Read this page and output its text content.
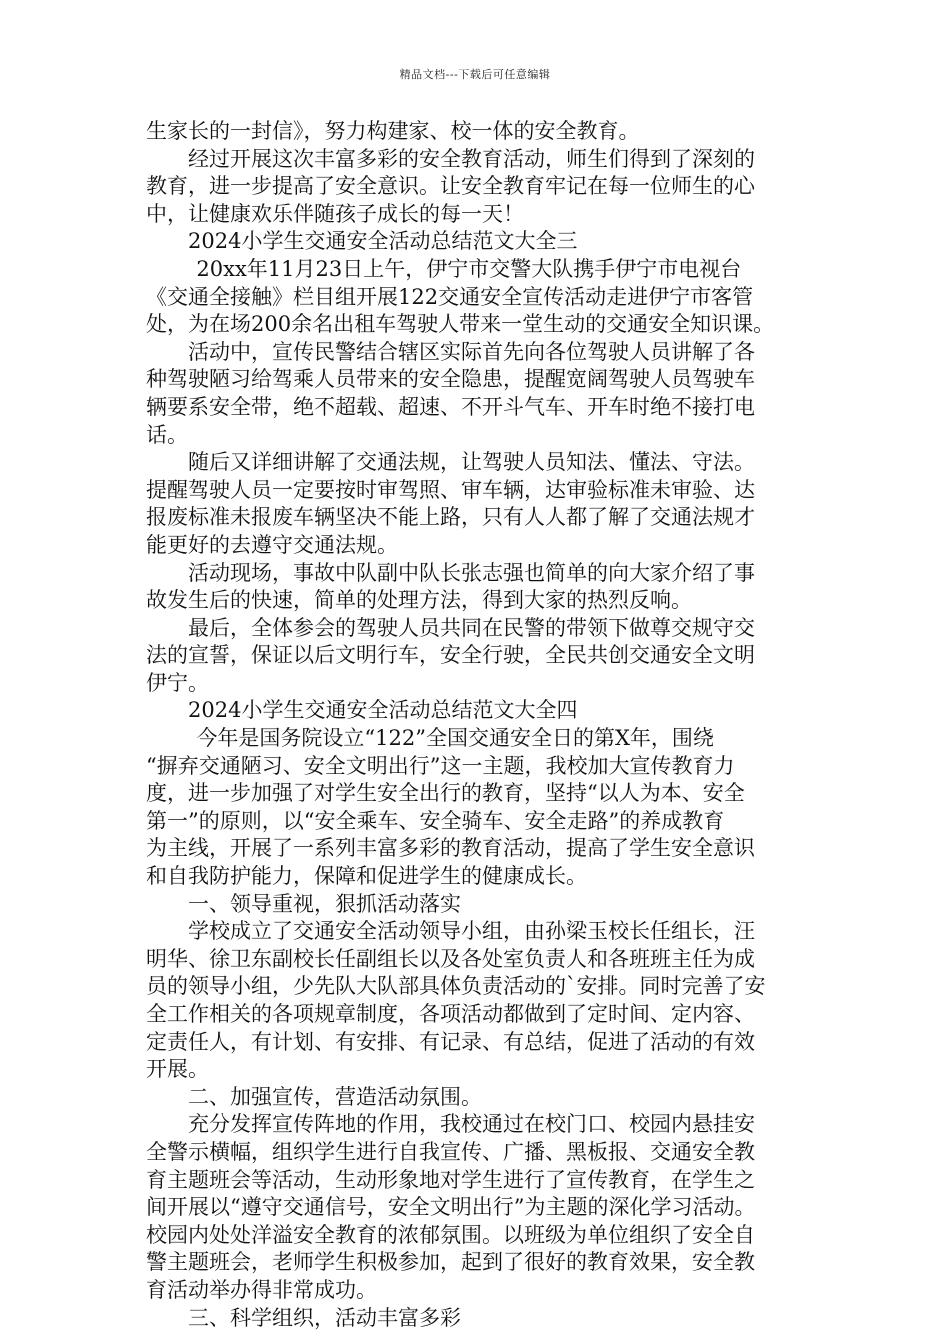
精品文档---下载后可任意编辑
生家长的一封信》，努力构建家、校一体的安全教育。
经过开展这次丰富多彩的安全教育活动，师生们得到了深刻的
教育，进一步提高了安全意识。让安全教育牢记在每一位师生的心
中，让健康欢乐伴随孩子成长的每一天！
2024小学生交通安全活动总结范文大全三
20xx年11月23日上午，伊宁市交警大队携手伊宁市电视台
《交通全接触》栏目组开展122交通安全宣传活动走进伊宁市客管
处，为在场200余名出租车驾驶人带来一堂生动的交通安全知识课。
活动中，宣传民警结合辖区实际首先向各位驾驶人员讲解了各
种驾驶陋习给驾乘人员带来的安全隐患，提醒宽阔驾驶人员驾驶车
辆要系安全带，绝不超载、超速、不开斗气车、开车时绝不接打电
话。
随后又详细讲解了交通法规，让驾驶人员知法、懂法、守法。
提醒驾驶人员一定要按时审驾照、审车辆，达审验标准未审验、达
报废标准未报废车辆坚决不能上路，只有人人都了解了交通法规才
能更好的去遵守交通法规。
活动现场，事故中队副中队长张志强也简单的向大家介绍了事
故发生后的快速，简单的处理方法，得到大家的热烈反响。
最后，全体参会的驾驶人员共同在民警的带领下做尊交规守交
法的宣誓，保证以后文明行车，安全行驶，全民共创交通安全文明
伊宁。
2024小学生交通安全活动总结范文大全四
今年是国务院设立“122”全国交通安全日的第X年，围绕
“摒弃交通陋习、安全文明出行”这一主题，我校加大宣传教育力
度，进一步加强了对学生安全出行的教育，坚持“以人为本、安全
第一”的原则，以“安全乘车、安全骑车、安全走路”的养成教育
为主线，开展了一系列丰富多彩的教育活动，提高了学生安全意识
和自我防护能力，保障和促进学生的健康成长。
一、领导重视，狠抓活动落实
学校成立了交通安全活动领导小组，由孙梁玉校长任组长，汪
明华、徐卫东副校长任副组长以及各处室负责人和各班班主任为成
员的领导小组，少先队大队部具体负责活动的`安排。同时完善了安
全工作相关的各项规章制度，各项活动都做到了定时间、定内容、
定责任人，有计划、有安排、有记录、有总结，促进了活动的有效
开展。
二、加强宣传，营造活动氛围。
充分发挥宣传阵地的作用，我校通过在校门口、校园内悬挂安
全警示横幅，组织学生进行自我宣传、广播、黑板报、交通安全教
育主题班会等活动，生动形象地对学生进行了宣传教育，在学生之
间开展以“遵守交通信号，安全文明出行”为主题的深化学习活动。
校园内处处洋溢安全教育的浓郁氛围。以班级为单位组织了安全自
警主题班会，老师学生积极参加，起到了很好的教育效果，安全教
育活动举办得非常成功。
三、科学组织，活动丰富多彩
